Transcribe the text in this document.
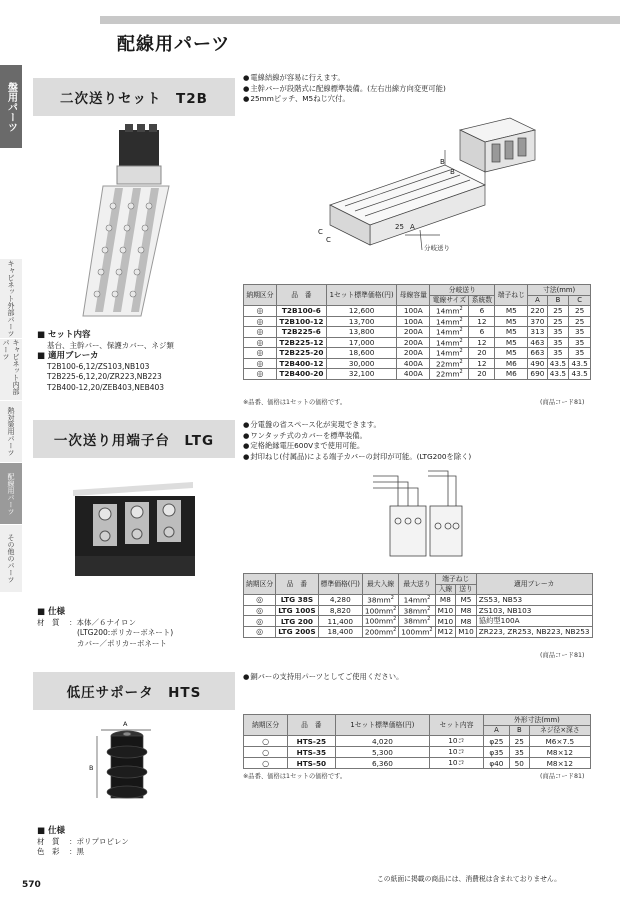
配線用パーツ
盤用パーツ
キャビネット外部パーツ
キャビネット内部パーツ
熱対策用パーツ
配線用パーツ
その他のパーツ
二次送りセット　T2B
■ セット内容
基台、主幹バー、保護カバー、ネジ類
■ 適用ブレーカ
T2B100-6,12/ZS103,NB103
T2B225-6,12,20/ZR223,NB223
T2B400-12,20/ZEB403,NEB403
● 電線結線が容易に行えます。
● 主幹バーが段階式に配線標準装備。(左右出線方向変更可能)
● 25mmピッチ、M5ねじ穴付。
B
B
C
C
25 A
分岐送り
納期区分	品　番	1セット標準価格(円)	母線容量	分岐送り		端子ねじ	寸法(mm)		
				電線サイズ	系統数		A	B	C
◎	T2B100-6	12,600	100A	$14mm^2$	6	M5	220	25	25
◎	T2B100-12	13,700	100A	$14mm^2$	12	M5	370	25	25
◎	T2B225-6	13,800	200A	$14mm^2$	6	M5	313	35	35
◎	T2B225-12	17,000	200A	$14mm^2$	12	M5	463	35	35
◎	T2B225-20	18,600	200A	$14mm^2$	20	M5	663	35	35
◎	T2B400-12	30,000	400A	$22mm^2$	12	M6	490	43.5	43.5
◎	T2B400-20	32,100	400A	$22mm^2$	20	M6	690	43.5	43.5
※品番、価格は1セットの価格です。	(商品コード81)
一次送り用端子台　LTG
■ 仕様
材　質	：本体／６ナイロン
(LTG200:ポリカーボネート)
カバー／ポリカーボネート
● 分電盤の省スペース化が実現できます。
● ワンタッチ式のカバーを標準装備。
● 定格絶縁電圧600Vまで使用可能。
● 封印ねじ(付属品)による端子カバーの封印が可能。(LTG200を除く)
納期区分	品　番	標準価格(円)	最大入線	最大送り	端子ねじ		適用ブレーカ
					入線	送り	
◎	LTG 38S	4,280	$38mm^2$	$14mm^2$	M8	M5	ZS53, NB53
◎	LTG 100S	8,820	$100mm^2$	$38mm^2$	M10	M8	ZS103, NB103
◎	LTG 200	11,400	$100mm^2$	$38mm^2$	M10	M8	協約型100A
◎	LTG 200S	18,400	$200mm^2$	$100mm^2$	M12	M10	ZR223, ZR253, NB223, NB253
(商品コード81)
低圧サポータ　HTS
A
B
■ 仕様
材　質	：ポリプロピレン
色　彩	：黒
● 銅バーの支持用パーツとしてご使用ください。
納期区分	品　番	1セット標準価格(円)	セット内容	外形寸法(mm)		
				A	B	ネジ径×深さ
○	HTS-25	4,020	10コ	φ25	25	M6×7.5
○	HTS-35	5,300	10コ	φ35	35	M8×12
○	HTS-50	6,360	10コ	φ40	50	M8×12
※品番、価格は1セットの価格です。	(商品コード81)
570
この紙面に掲載の商品には、消費税は含まれておりません。
